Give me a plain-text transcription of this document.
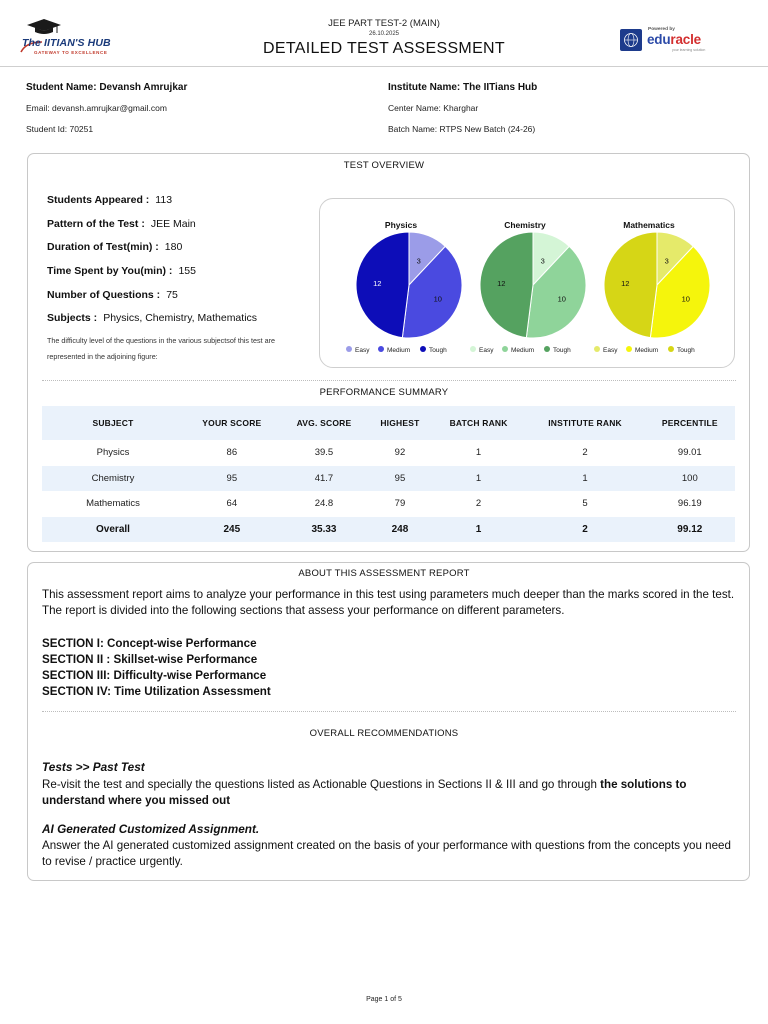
The IITIAN'S HUB
GATEWAY TO EXCELLENCE
JEE PART TEST-2 (MAIN)
26.10.2025
DETAILED TEST ASSESSMENT
Powered by
eduracle
your learning solution
Student Name: Devansh Amrujkar
Email: devansh.amrujkar@gmail.com
Student Id: 70251
Institute Name: The IITians Hub
Center Name: Kharghar
Batch Name: RTPS New Batch (24-26)
TEST OVERVIEW
Students Appeared : 113
Pattern of the Test : JEE Main
Duration of Test(min) : 180
Time Spent by You(min) : 155
Number of Questions : 75
Subjects : Physics, Chemistry, Mathematics
The difficulty level of the questions in the various subjectsof this test are represented in the adjoining figure:
Physics
3
10
12
Easy	Medium	Tough
Chemistry
3
10
12
Easy	Medium	Tough
Mathematics
3
10
12
Easy	Medium	Tough
PERFORMANCE SUMMARY
SUBJECT	YOUR SCORE	AVG. SCORE	HIGHEST	BATCH RANK	INSTITUTE RANK	PERCENTILE
Physics	86	39.5	92	1	2	99.01
Chemistry	95	41.7	95	1	1	100
Mathematics	64	24.8	79	2	5	96.19
Overall	245	35.33	248	1	2	99.12
ABOUT THIS ASSESSMENT REPORT
This assessment report aims to analyze your performance in this test using parameters much deeper than the marks scored in the test. The report is divided into the following sections that assess your performance on different parameters.
SECTION I: Concept-wise Performance
SECTION II : Skillset-wise Performance
SECTION III: Difficulty-wise Performance
SECTION IV: Time Utilization Assessment
OVERALL RECOMMENDATIONS
Tests >> Past Test
Re-visit the test and specially the questions listed as Actionable Questions in Sections II & III and go through the solutions to understand where you missed out
AI Generated Customized Assignment.
Answer the AI generated customized assignment created on the basis of your performance with questions from the concepts you need to revise / practice urgently.
Page 1 of 5
